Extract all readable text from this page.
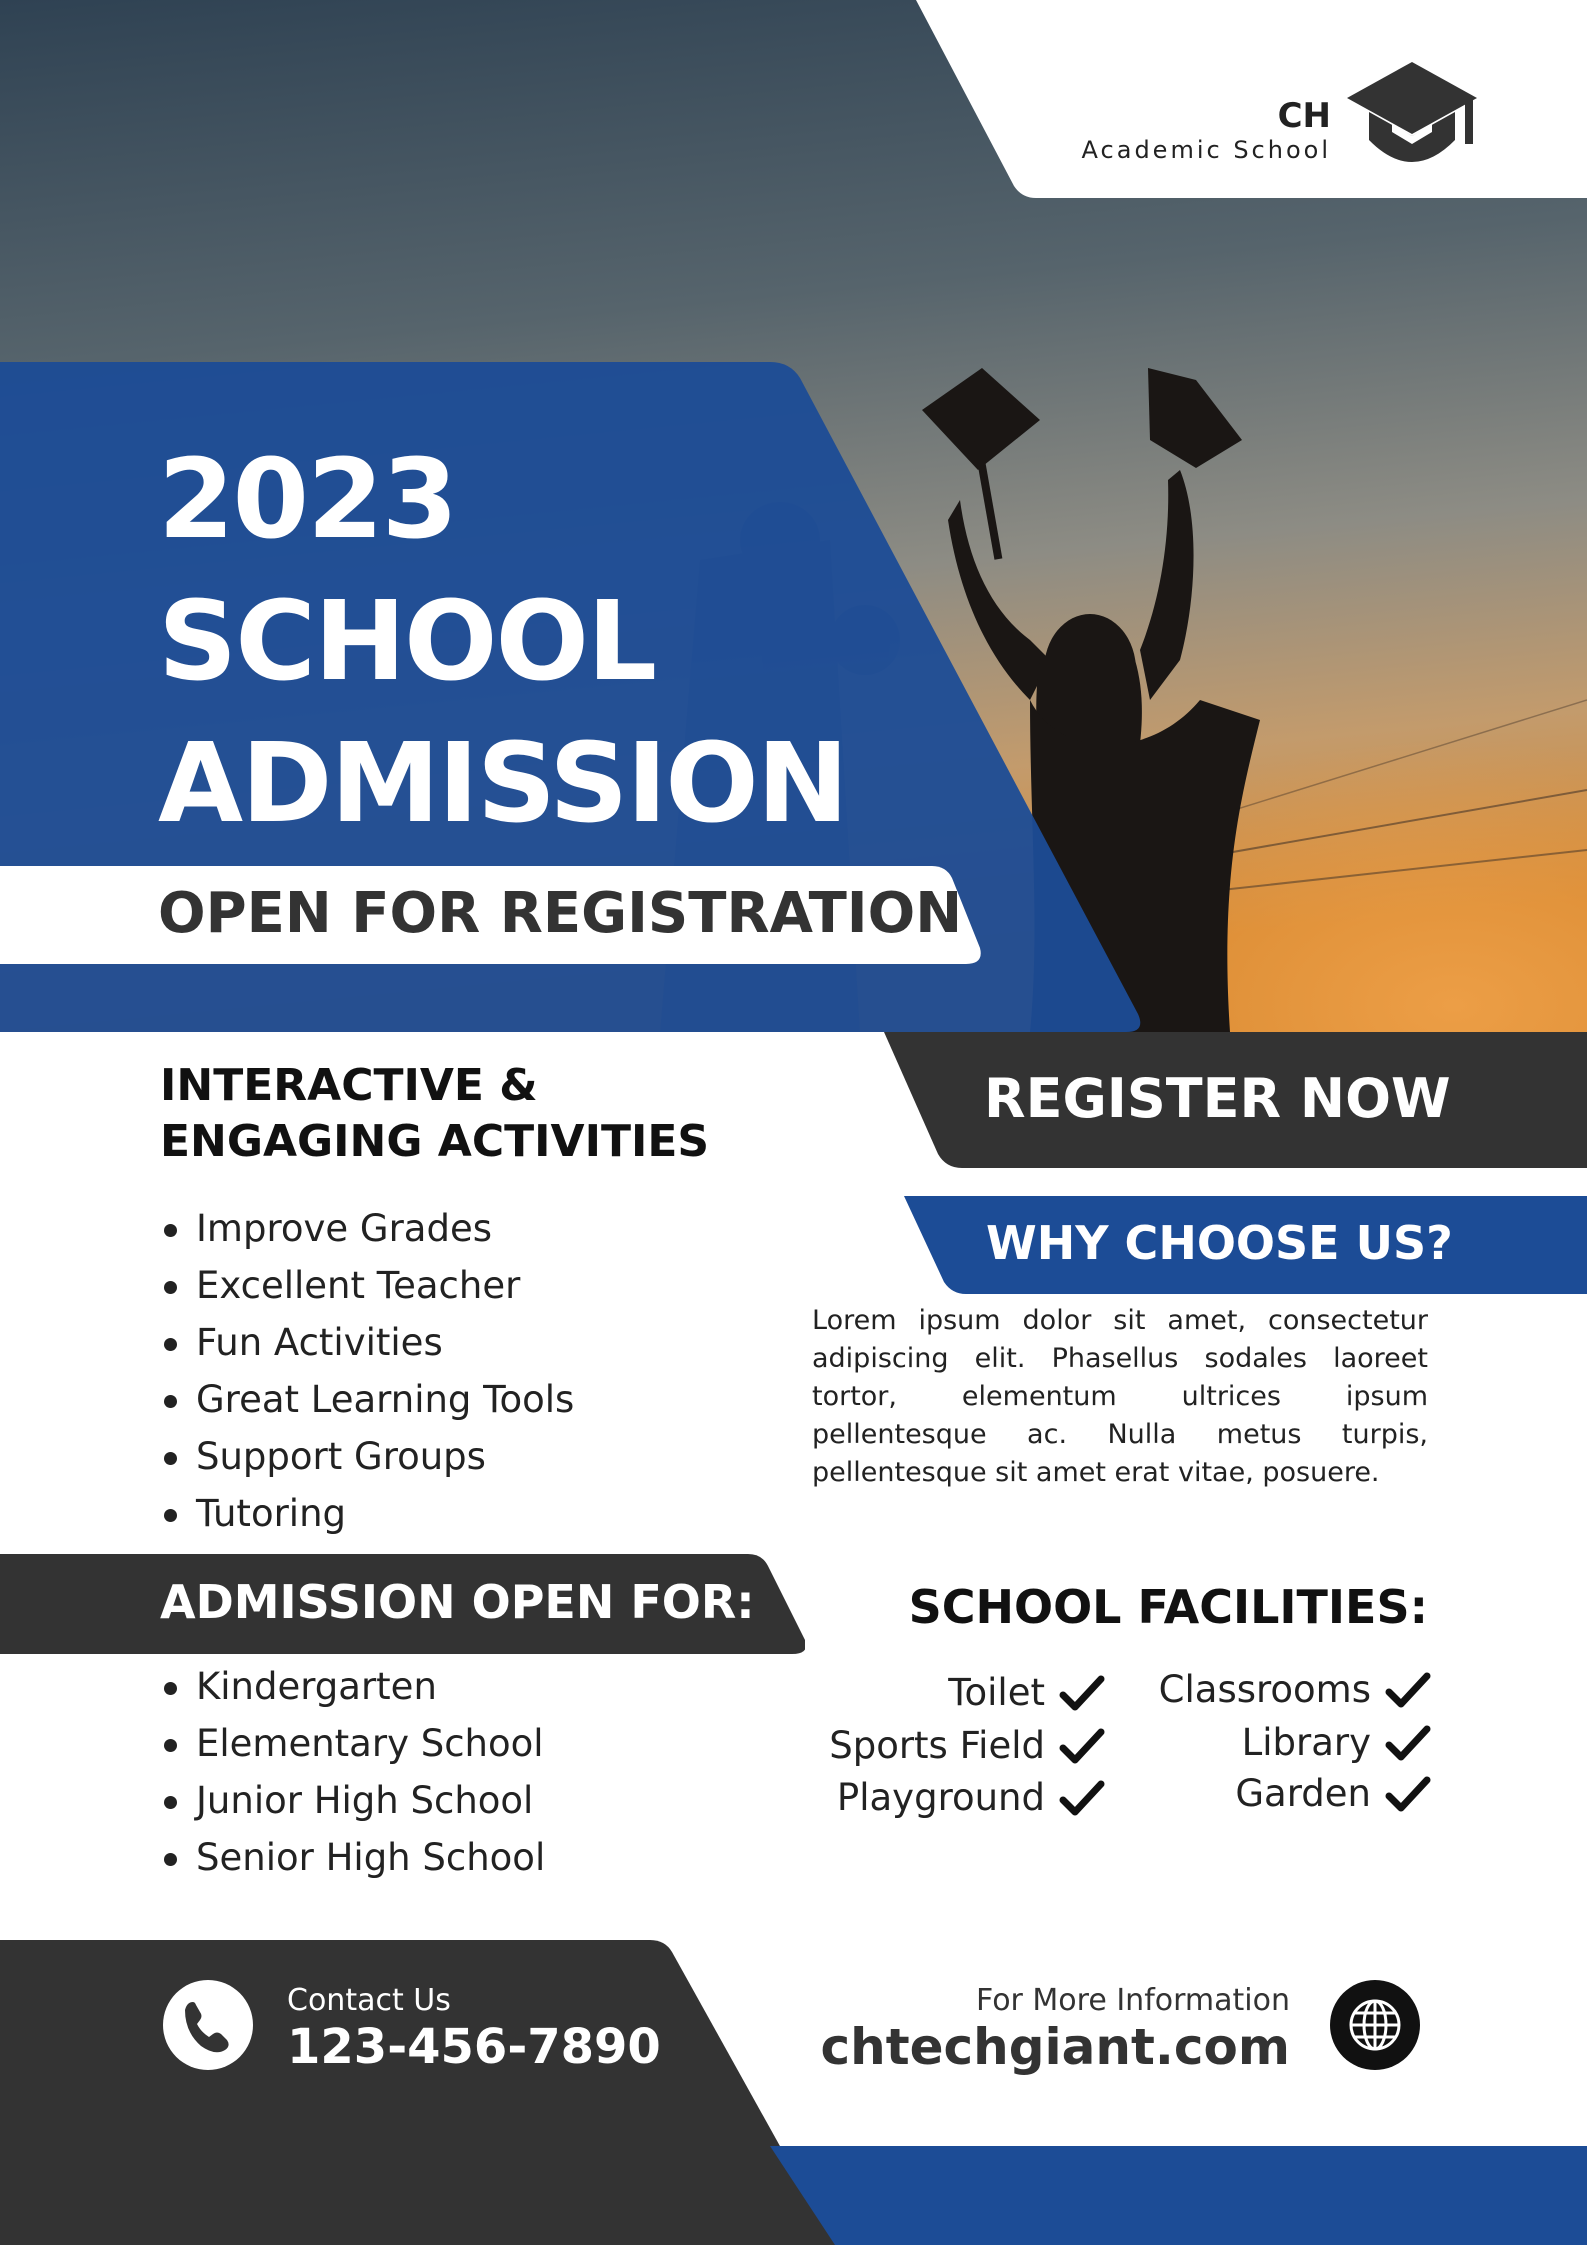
CH
Academic School
2023
SCHOOL
ADMISSION
OPEN FOR REGISTRATION
INTERACTIVE &
ENGAGING ACTIVITIES
Improve Grades
Excellent Teacher
Fun Activities
Great Learning Tools
Support Groups
Tutoring
REGISTER NOW
WHY CHOOSE US?

Lorem ipsum dolor sit amet, consectetur adipiscing elit. Phasellus sodales laoreet tortor, elementum ultrices ipsum pellentesque ac. Nulla metus turpis, pellentesque sit amet erat vitae, posuere.

ADMISSION OPEN FOR:
Kindergarten
Elementary School
Junior High School
Senior High School
SCHOOL FACILITIES:
Toilet
Sports Field
Playground
Classrooms
Library
Garden
Contact Us
123-456-7890
For More Information
chtechgiant.com
